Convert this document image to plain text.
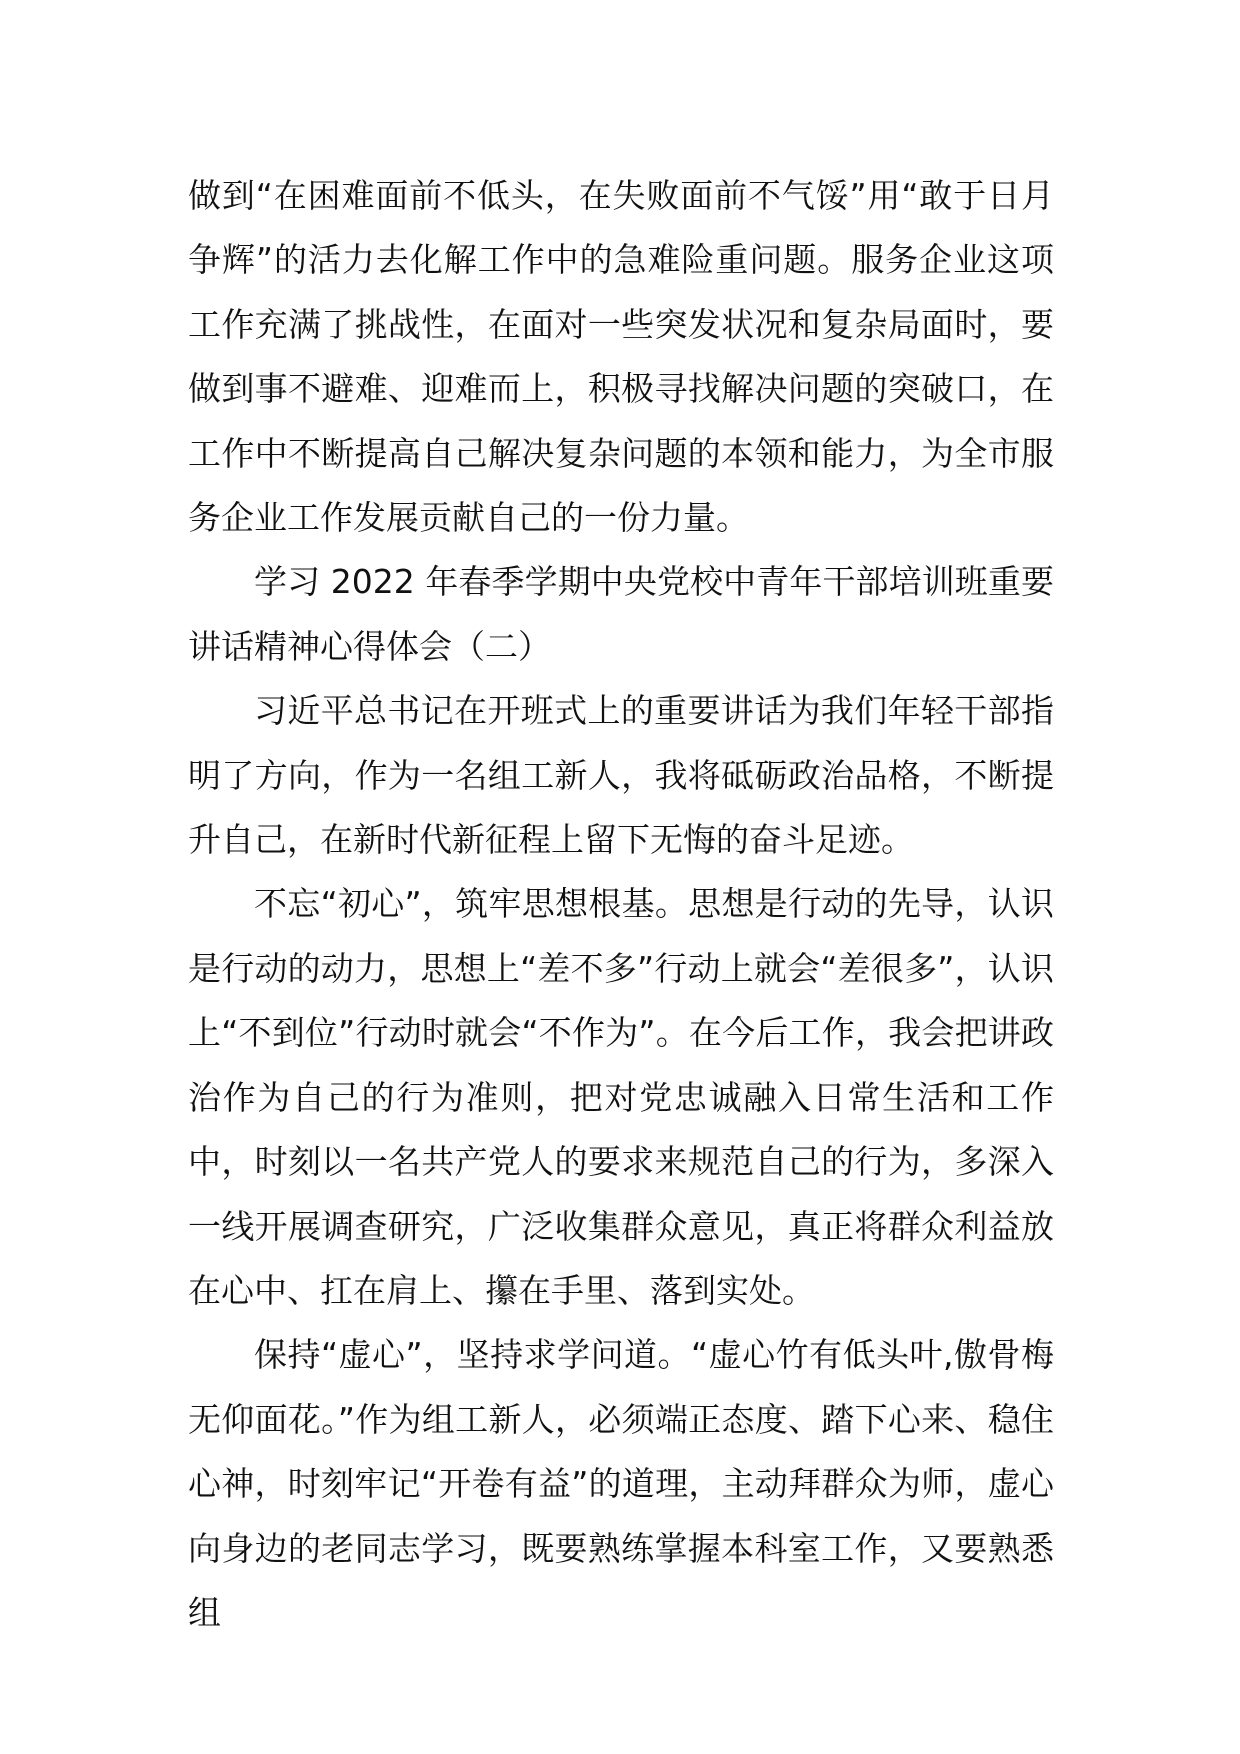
做到“在困难面前不低头，在失败面前不气馁”用“敢于日月争辉”的活力去化解工作中的急难险重问题。服务企业这项工作充满了挑战性，在面对一些突发状况和复杂局面时，要做到事不避难、迎难而上，积极寻找解决问题的突破口，在工作中不断提高自己解决复杂问题的本领和能力，为全市服务企业工作发展贡献自己的一份力量。

学习 2022 年春季学期中央党校中青年干部培训班重要讲话精神心得体会（二）

习近平总书记在开班式上的重要讲话为我们年轻干部指明了方向，作为一名组工新人，我将砥砺政治品格，不断提升自己，在新时代新征程上留下无悔的奋斗足迹。

不忘“初心”，筑牢思想根基。思想是行动的先导，认识是行动的动力，思想上“差不多”行动上就会“差很多”，认识上“不到位”行动时就会“不作为”。在今后工作，我会把讲政治作为自己的行为准则，把对党忠诚融入日常生活和工作中，时刻以一名共产党人的要求来规范自己的行为，多深入一线开展调查研究，广泛收集群众意见，真正将群众利益放在心中、扛在肩上、攥在手里、落到实处。

保持“虚心”，坚持求学问道。“虚心竹有低头叶,傲骨梅无仰面花。”作为组工新人，必须端正态度、踏下心来、稳住心神，时刻牢记“开卷有益”的道理，主动拜群众为师，虚心向身边的老同志学习，既要熟练掌握本科室工作，又要熟悉组
